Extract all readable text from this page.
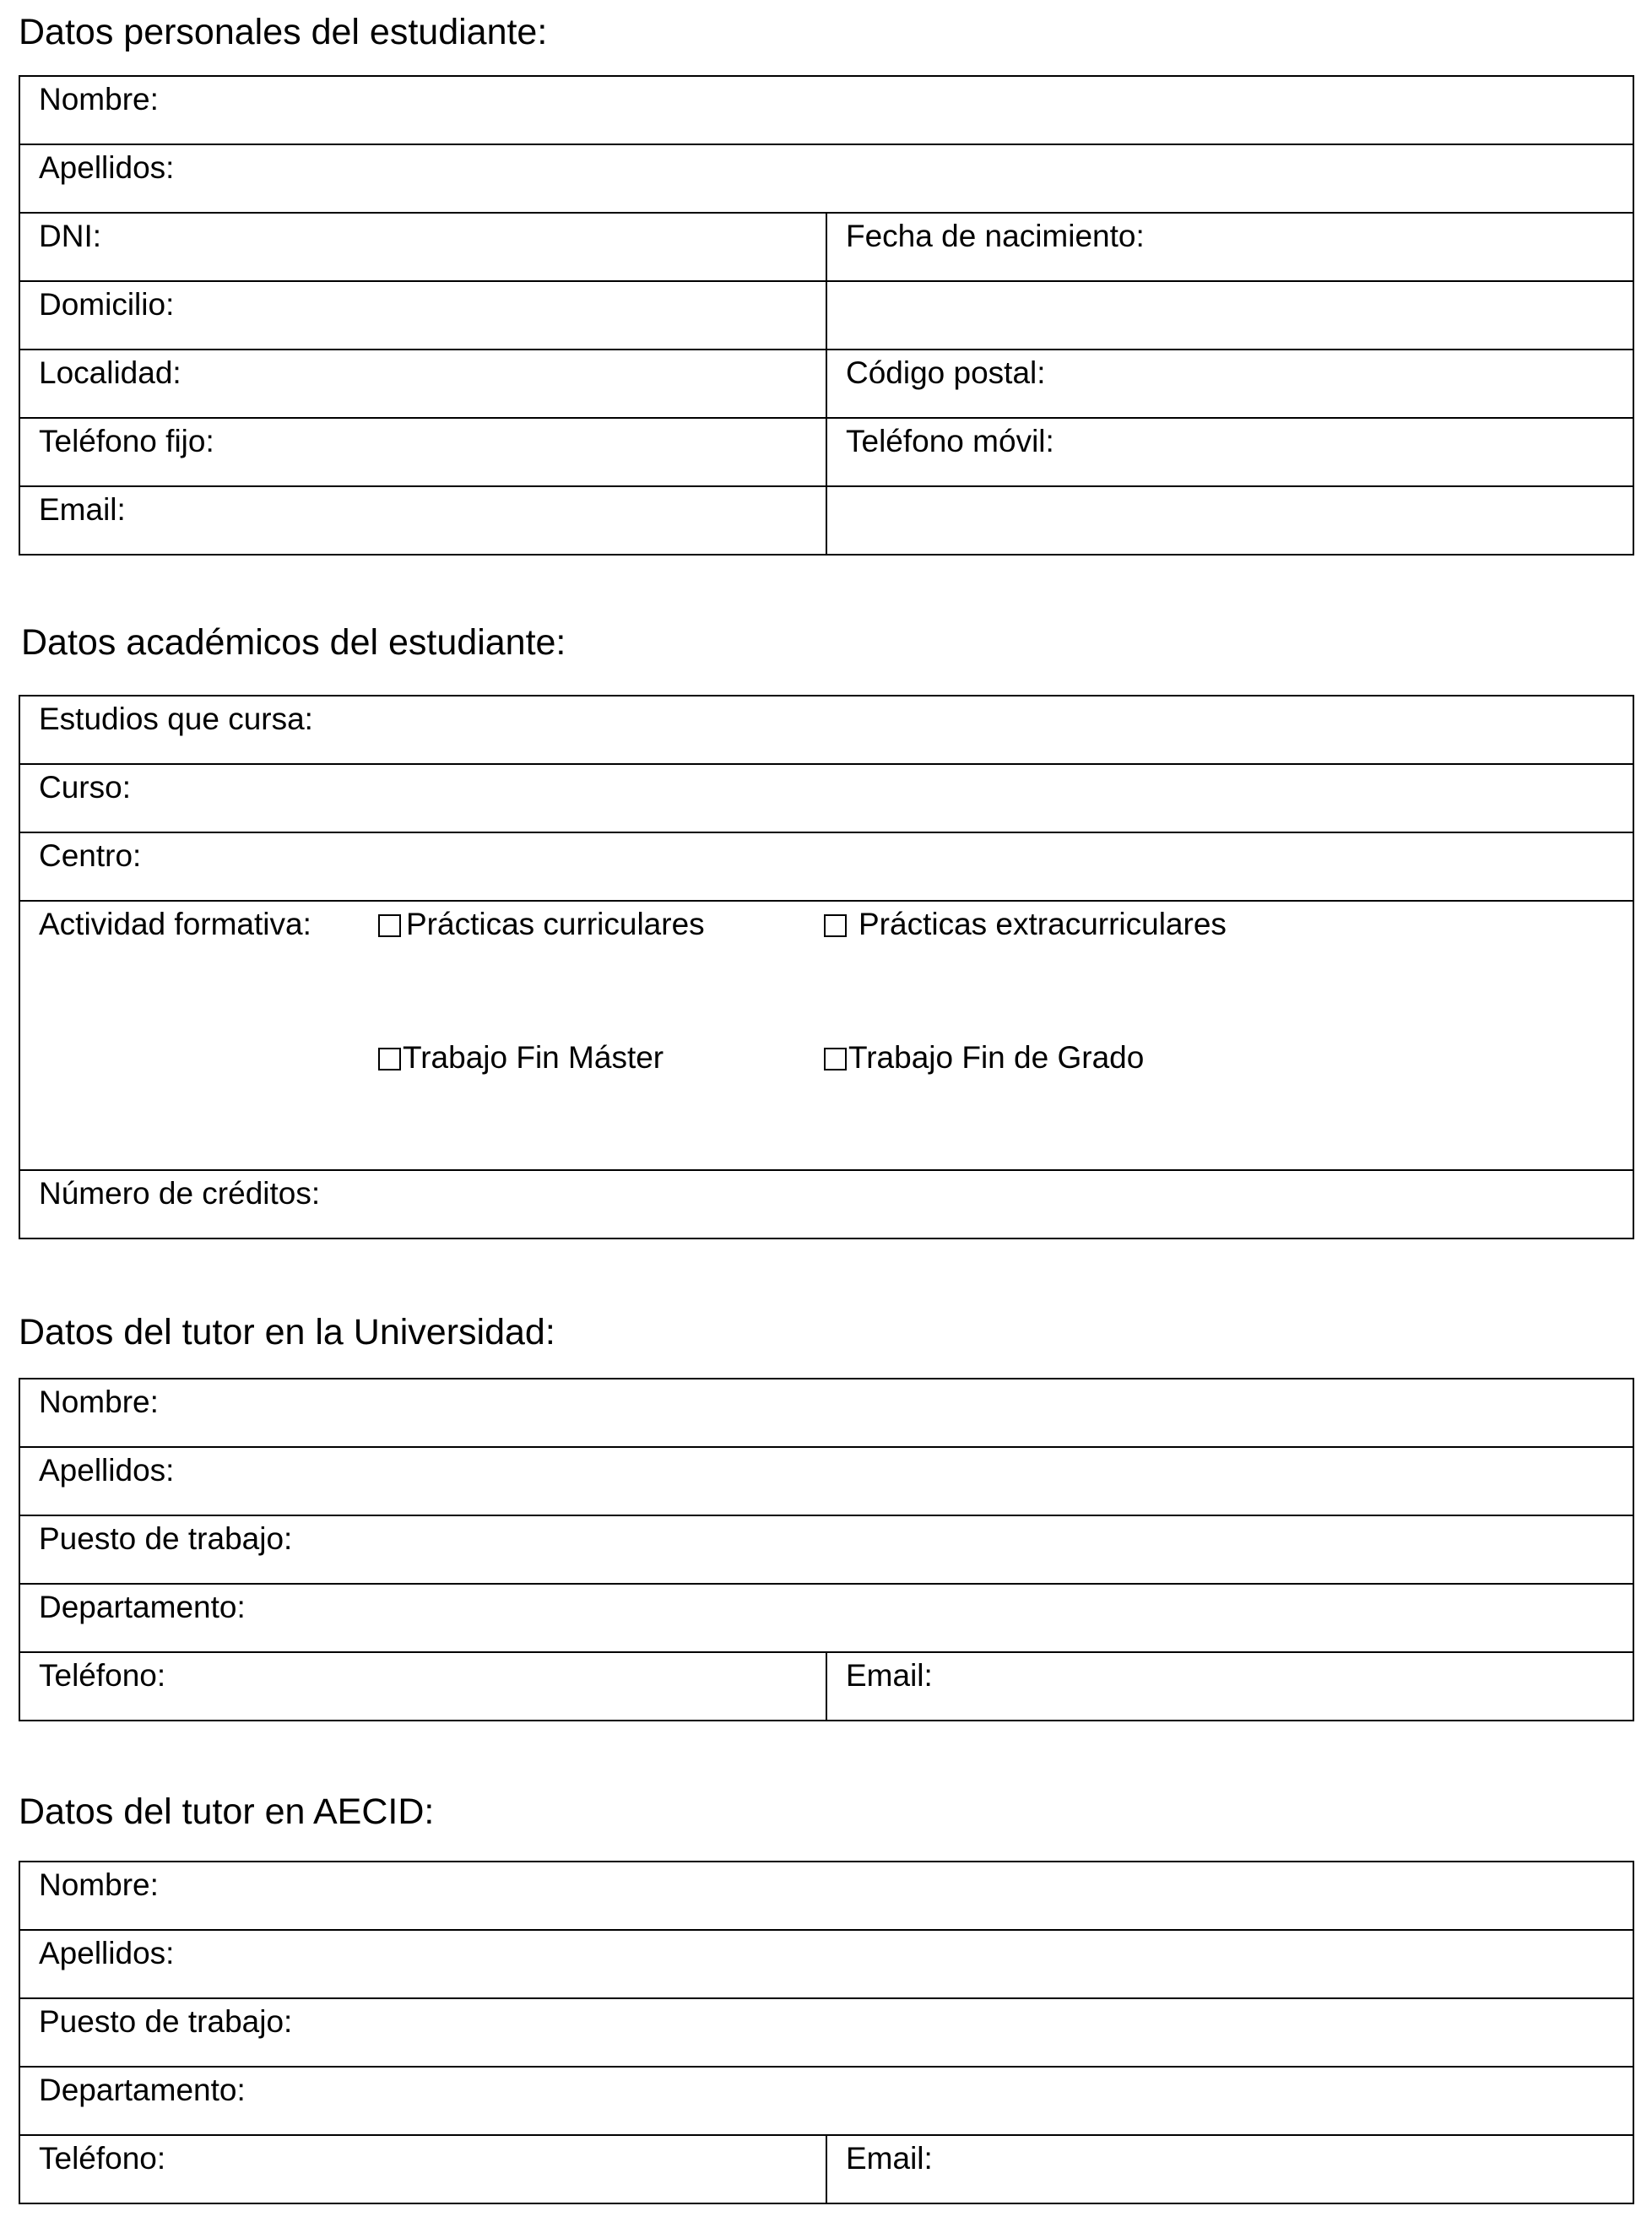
Datos personales del estudiante:
Nombre:	
Apellidos:	
DNI:	Fecha de nacimiento:
Domicilio:	
Localidad:	Código postal:
Teléfono fijo:	Teléfono móvil:
Email:	
Datos académicos del estudiante:
Estudios que cursa:
Curso:
Centro:

Actividad formativa:	Prácticas curriculares	Prácticas extracurriculares
Trabajo Fin Máster	Trabajo Fin de Grado

Número de créditos:
Datos del tutor en la Universidad:
Nombre:
Apellidos:
Puesto de trabajo:
Departamento:
Teléfono:	Email:
Datos del tutor en AECID:
Nombre:
Apellidos:
Puesto de trabajo:
Departamento:
Teléfono:	Email:
